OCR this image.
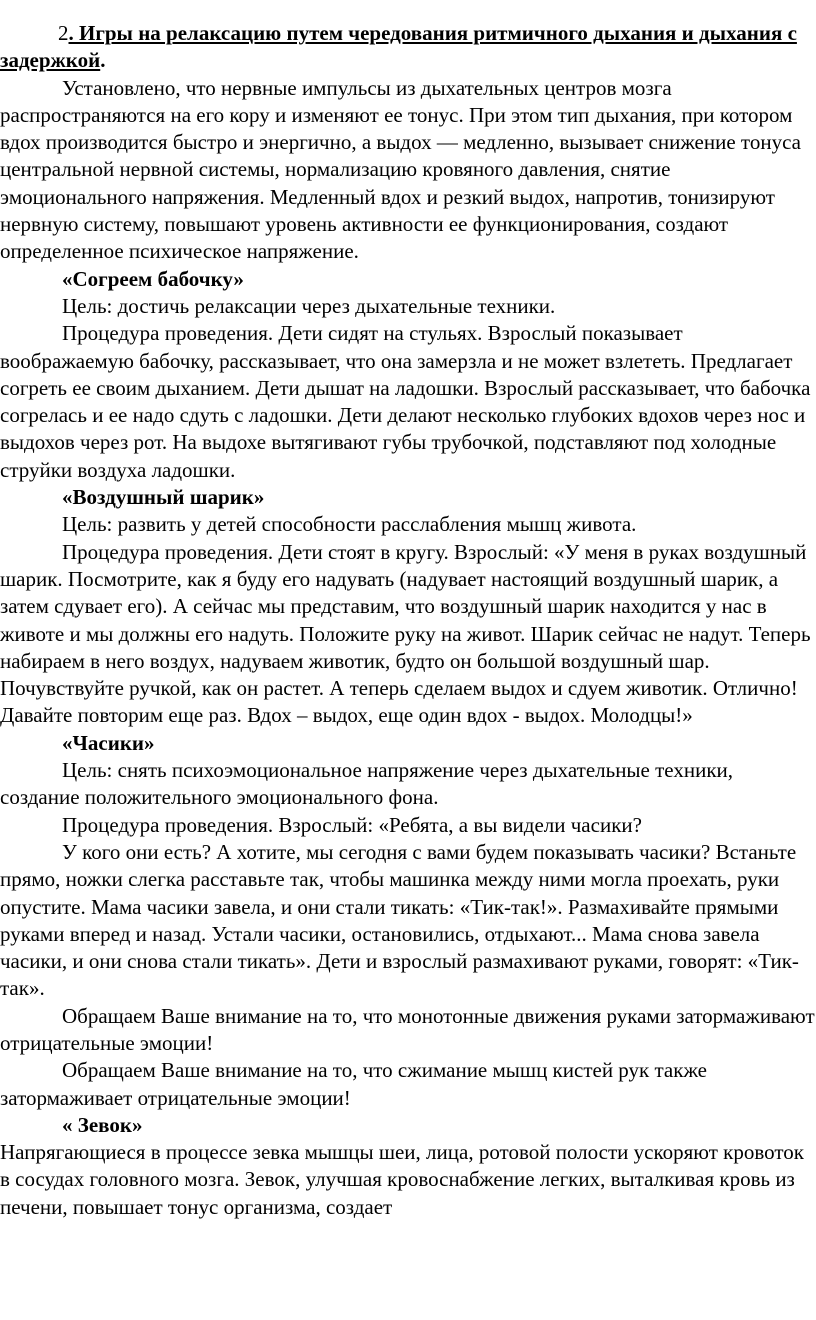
2. Игры на релаксацию путем чередования ритмичного дыхания и дыхания с задержкой.

Установлено, что нервные импульсы из дыхательных центров мозга распространяются на его кору и изменяют ее тонус. При этом тип дыхания, при котором вдох производится быстро и энергично, а выдох — медленно, вызывает снижение тонуса центральной нервной системы, нормализацию кровяного давления, снятие эмоционального напряжения. Медленный вдох и резкий выдох, напротив, тонизируют нервную систему, повышают уровень активности ее функционирования, создают определенное психическое напряжение.

«Согреем бабочку»

Цель: достичь релаксации через дыхательные техники.

Процедура проведения. Дети сидят на стульях. Взрослый показывает воображаемую бабочку, рассказывает, что она замерзла и не может взлететь. Предлагает согреть ее своим дыханием. Дети дышат на ладошки. Взрослый рассказывает, что бабочка согрелась и ее надо сдуть с ладошки. Дети делают несколько глубоких вдохов через нос и выдохов через рот. На выдохе вытягивают губы трубочкой, подставляют под холодные струйки воздуха ладошки.

«Воздушный шарик»

Цель: развить у детей способности расслабления мышц живота.

Процедура проведения. Дети стоят в кругу. Взрослый: «У меня в руках воздушный шарик. Посмотрите, как я буду его надувать (надувает настоящий воздушный шарик, а затем сдувает его). А сейчас мы представим, что воздушный шарик находится у нас в животе и мы должны его надуть. Положите руку на живот. Шарик сейчас не надут. Теперь набираем в него воздух, надуваем животик, будто он большой воздушный шар. Почувствуйте ручкой, как он растет. А теперь сделаем выдох и сдуем животик. Отлично! Давайте повторим еще раз. Вдох – выдох, еще один вдох - выдох. Молодцы!»

«Часики»

Цель: снять психоэмоциональное напряжение через дыхательные техники, создание положительного эмоционального фона.

Процедура проведения. Взрослый: «Ребята, а вы видели часики?

У кого они есть? А хотите, мы сегодня с вами будем показывать часики? Встаньте прямо, ножки слегка расставьте так, чтобы машинка между ними могла проехать, руки опустите. Мама часики завела, и они стали тикать: «Тик-так!». Размахивайте прямыми руками вперед и назад. Устали часики, остановились, отдыхают... Мама снова завела часики, и они снова стали тикать». Дети и взрослый размахивают руками, говорят: «Тик-так».

Обращаем Ваше внимание на то, что монотонные движения руками затормаживают отрицательные эмоции!

Обращаем Ваше внимание на то, что сжимание мышц кистей рук также затормаживает отрицательные эмоции!

« Зевок»

Напрягающиеся в процессе зевка мышцы шеи, лица, ротовой полости ускоряют кровоток в сосудах головного мозга. Зевок, улучшая кровоснабжение легких, выталкивая кровь из печени, повышает тонус организма, создает
